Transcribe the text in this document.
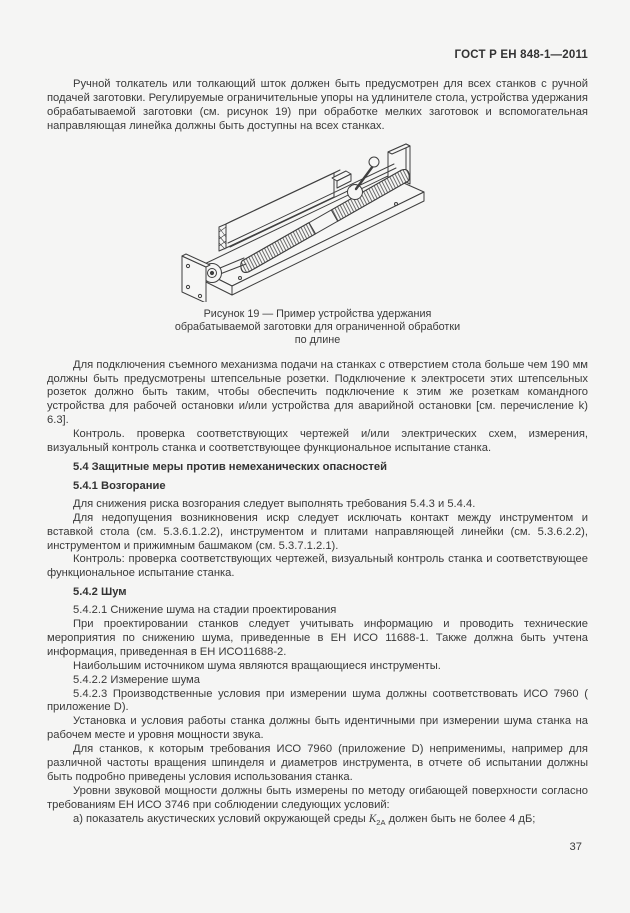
ГОСТ Р ЕН 848-1—2011

Ручной толкатель или толкающий шток должен быть предусмотрен для всех станков с ручной подачей заготовки. Регулируемые ограничительные упоры на удлинителе стола, устройства удержания обрабатываемой заготовки (см. рисунок 19) при обработке мелких заготовок и вспомогательная направляющая линейка должны быть доступны на всех станках.

Рисунок 19 — Пример устройства удержания обрабатываемой заготовки для ограниченной обработки по длине

Для подключения съемного механизма подачи на станках с отверстием стола больше чем 190 мм должны быть предусмотрены штепсельные розетки. Подключение к электросети этих штепсельных розеток должно быть таким, чтобы обеспечить подключение к этим же розеткам командного устройства для рабочей остановки и/или устройства для аварийной остановки [см. перечисление k) 6.3].

Контроль. проверка соответствующих чертежей и/или электрических схем, измерения, визуальный контроль станка и соответствующее функциональное испытание станка.

5.4 Защитные меры против немеханических опасностей

5.4.1 Возгорание

Для снижения риска возгорания следует выполнять требования 5.4.3 и 5.4.4.

Для недопущения возникновения искр следует исключать контакт между инструментом и вставкой стола (см. 5.3.6.1.2.2), инструментом и плитами направляющей линейки (см. 5.3.6.2.2), инструментом и прижимным башмаком (см. 5.3.7.1.2.1).

Контроль: проверка соответствующих чертежей, визуальный контроль станка и соответствующее функциональное испытание станка.

5.4.2 Шум

5.4.2.1 Снижение шума на стадии проектирования

При проектировании станков следует учитывать информацию и проводить технические мероприятия по снижению шума, приведенные в ЕН ИСО 11688-1. Также должна быть учтена информация, приведенная в ЕН ИСО11688-2.

Наибольшим источником шума являются вращающиеся инструменты.

5.4.2.2 Измерение шума

5.4.2.3 Производственные условия при измерении шума должны соответствовать ИСО 7960 ( приложение D).

Установка и условия работы станка должны быть идентичными при измерении шума станка на рабочем месте и уровня мощности звука.

Для станков, к которым требования ИСО 7960 (приложение D) неприменимы, например для различной частоты вращения шпинделя и диаметров инструмента, в отчете об испытании должны быть подробно приведены условия использования станка.

Уровни звуковой мощности должны быть измерены по методу огибающей поверхности согласно требованиям ЕН ИСО 3746 при соблюдении следующих условий:

а) показатель акустических условий окружающей среды $K_{2A}$ должен быть не более 4 дБ;

37
